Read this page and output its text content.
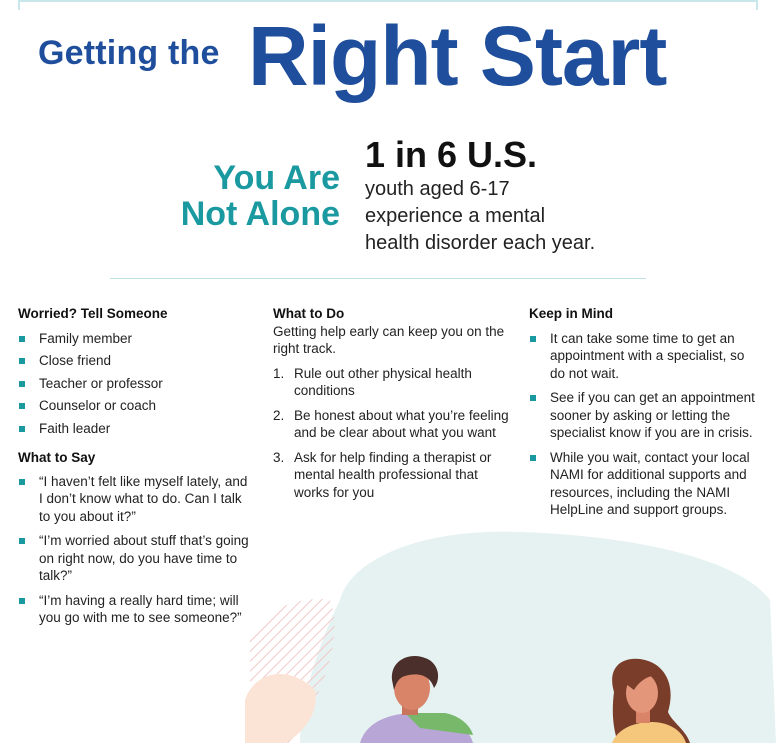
Getting the Right Start
You Are
Not Alone
1 in 6 U.S.
youth aged 6-17
experience a mental
health disorder each year.
Worried? Tell Someone
Family member
Close friend
Teacher or professor
Counselor or coach
Faith leader
What to Say
“I haven’t felt like myself lately, and I don’t know what to do. Can I talk to you about it?”
“I’m worried about stuff that’s going on right now, do you have time to talk?”
“I’m having a really hard time; will you go with me to see someone?”
What to Do
Getting help early can keep you on the right track.
1. Rule out other physical health conditions
2. Be honest about what you’re feeling and be clear about what you want
3. Ask for help finding a therapist or mental health professional that works for you
Keep in Mind
It can take some time to get an appointment with a specialist, so do not wait.
See if you can get an appointment sooner by asking or letting the specialist know if you are in crisis.
While you wait, contact your local NAMI for additional supports and resources, including the NAMI HelpLine and support groups.
